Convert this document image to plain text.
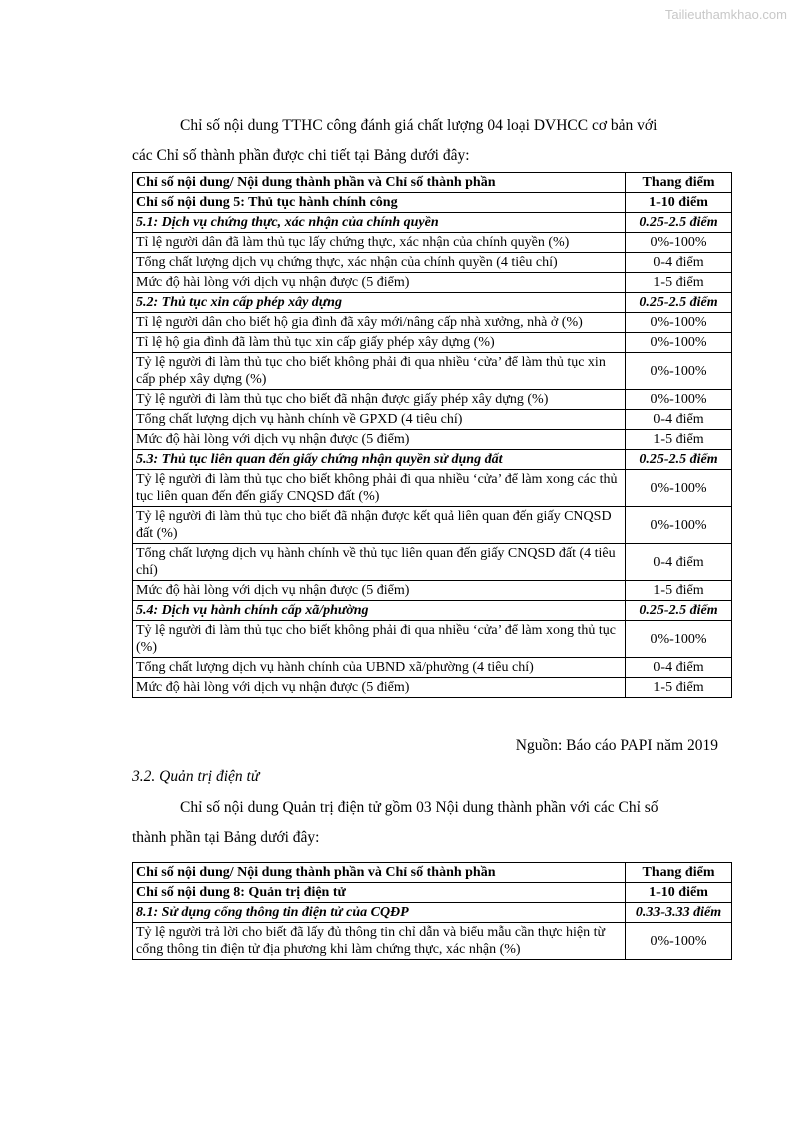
Tailieuthamkhao.com

Chỉ số nội dung TTHC công đánh giá chất lượng 04 loại DVHCC cơ bản với
các Chỉ số thành phần được chi tiết tại Bảng dưới đây:

Chỉ số nội dung/ Nội dung thành phần và Chỉ số thành phần	Thang điểm
Chỉ số nội dung 5: Thủ tục hành chính công	1-10 điểm
5.1: Dịch vụ chứng thực, xác nhận của chính quyền	0.25-2.5 điểm
Tỉ lệ người dân đã làm thủ tục lấy chứng thực, xác nhận của chính quyền (%)	0%-100%
Tổng chất lượng dịch vụ chứng thực, xác nhận của chính quyền (4 tiêu chí)	0-4 điểm
Mức độ hài lòng với dịch vụ nhận được (5 điểm)	1-5 điểm
5.2: Thủ tục xin cấp phép xây dựng	0.25-2.5 điểm
Tỉ lệ người dân cho biết hộ gia đình đã xây mới/nâng cấp nhà xưởng, nhà ở (%)	0%-100%
Tỉ lệ hộ gia đình đã làm thủ tục xin cấp giấy phép xây dựng (%)	0%-100%
Tỷ lệ người đi làm thủ tục cho biết không phải đi qua nhiều ‘cửa’ để làm thủ tục xin cấp phép xây dựng (%)	0%-100%
Tỷ lệ người đi làm thủ tục cho biết đã nhận được giấy phép xây dựng (%)	0%-100%
Tổng chất lượng dịch vụ hành chính về GPXD (4 tiêu chí)	0-4 điểm
Mức độ hài lòng với dịch vụ nhận được (5 điểm)	1-5 điểm
5.3: Thủ tục liên quan đến giấy chứng nhận quyền sử dụng đất	0.25-2.5 điểm
Tỷ lệ người đi làm thủ tục cho biết không phải đi qua nhiều ‘cửa’ để làm xong các thủ tục liên quan đến đến giấy CNQSD đất (%)	0%-100%
Tỷ lệ người đi làm thủ tục cho biết đã nhận được kết quả liên quan đến giấy CNQSD đất (%)	0%-100%
Tổng chất lượng dịch vụ hành chính về thủ tục liên quan đến giấy CNQSD đất (4 tiêu chí)	0-4 điểm
Mức độ hài lòng với dịch vụ nhận được (5 điểm)	1-5 điểm
5.4: Dịch vụ hành chính cấp xã/phường	0.25-2.5 điểm
Tỷ lệ người đi làm thủ tục cho biết không phải đi qua nhiều ‘cửa’ để làm xong thủ tục (%)	0%-100%
Tổng chất lượng dịch vụ hành chính của UBND xã/phường (4 tiêu chí)	0-4 điểm
Mức độ hài lòng với dịch vụ nhận được (5 điểm)	1-5 điểm

Nguồn: Báo cáo PAPI năm 2019

3.2. Quản trị điện tử

Chỉ số nội dung Quản trị điện tử gồm 03 Nội dung thành phần với các Chỉ số
thành phần tại Bảng dưới đây:

Chỉ số nội dung/ Nội dung thành phần và Chỉ số thành phần	Thang điểm
Chỉ số nội dung 8: Quản trị điện tử	1-10 điểm
8.1: Sử dụng cổng thông tin điện tử của CQĐP	0.33-3.33 điểm
Tỷ lệ người trả lời cho biết đã lấy đủ thông tin chỉ dẫn và biểu mẫu cần thực hiện từ cổng thông tin điện tử địa phương khi làm chứng thực, xác nhận (%)	0%-100%
